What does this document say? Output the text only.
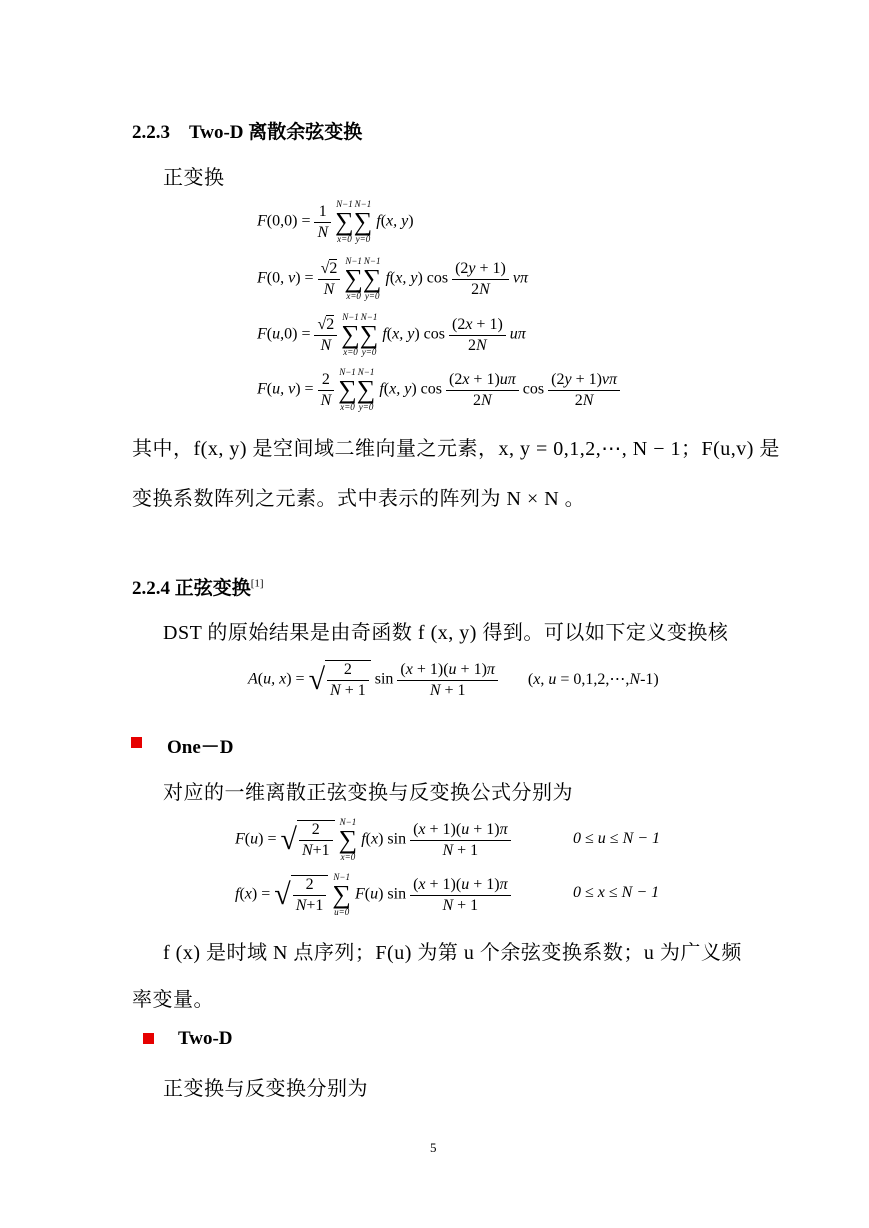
2.2.3　Two-D 离散余弦变换
正变换
$F(0,0) = \frac{1}{N}$
N−1
∑
x=0
N−1
∑
y=0
f(x, y)
F(0, $v) = \frac{√2}{N}$
N−1
∑
x=0
N−1
∑
y=0
f(x, y) $\cos \frac{(2y + 1)}{2N}$ vπ
$F(u,0) = \frac{√2}{N}$
N−1
∑
x=0
N−1
∑
y=0
f(x, y) $\cos \frac{(2x + 1)}{2N}$ uπ
F(u, $v) = \frac{2}{N}$
N−1
∑
x=0
N−1
∑
y=0
f(x, y) $\cos \frac{(2x + 1)u\pi}{2N}$ $\cos \frac{(2y + 1)v\pi}{2N}$
其中，f(x, y) 是空间域二维向量之元素，x, y = 0,1,2,⋯, N − 1；F(u,v) 是
变换系数阵列之元素。式中表示的阵列为 N × N 。
2.2.4 正弦变换[1]
DST 的原始结果是由奇函数 f (x, y) 得到。可以如下定义变换核
A(u, x) = √ $\frac{2}{N + 1}$ $\sin \frac{(x + 1)(u + 1)\pi}{N + 1} (x$, u = 0,1,2,⋯,N-1)
One－D
对应的一维离散正弦变换与反变换公式分别为
F(u) = √ $\frac{2}{N+1}$
N−1
∑
x=0
f(x) $\sin \frac{(x + 1)(u + 1)\pi}{N + 1}$	0 ≤ u ≤ N − 1
f(x) = √ $\frac{2}{N+1}$
N−1
∑
u=0
F(u) $\sin \frac{(x + 1)(u + 1)\pi}{N + 1}$	0 ≤ x ≤ N − 1
f (x) 是时域 N 点序列；F(u) 为第 u 个余弦变换系数；u 为广义频
率变量。
Two-D
正变换与反变换分别为
5
